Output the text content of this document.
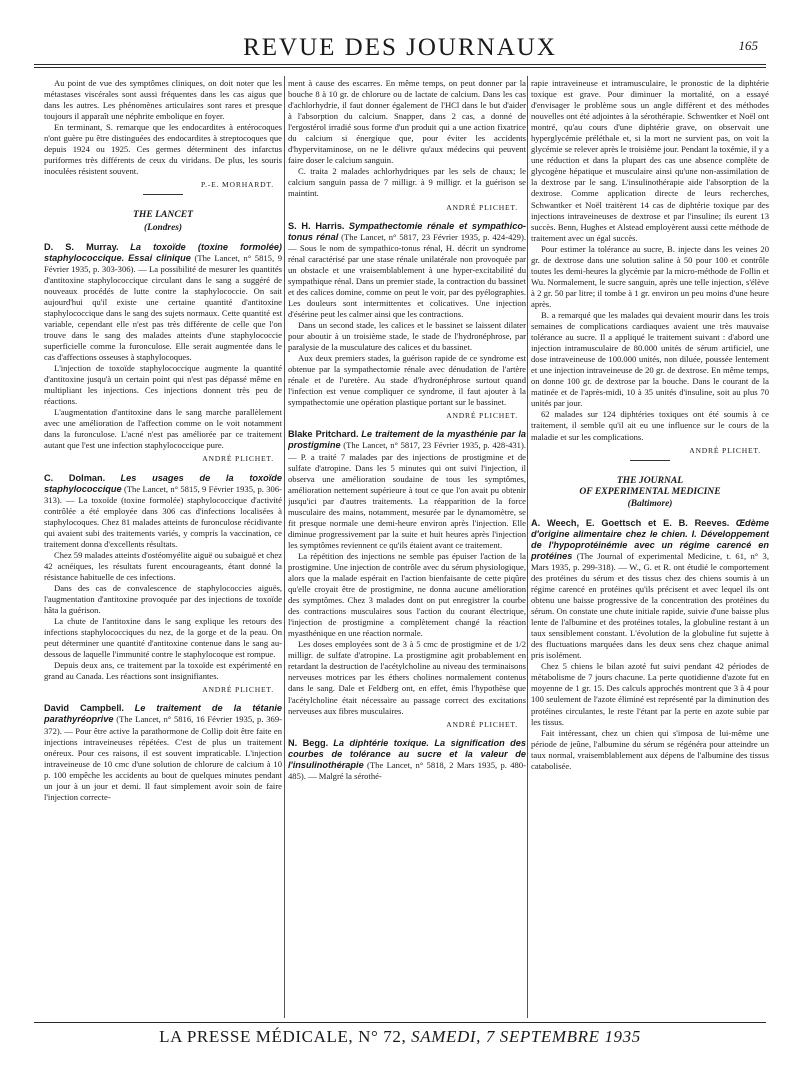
REVUE DES JOURNAUX	165

Au point de vue des symptômes cliniques, on doit noter que les métastases viscérales sont aussi fréquentes dans les cas aigus que dans les autres. Les phénomènes articulaires sont rares et presque toujours il apparaît une néphrite embolique en foyer.

En terminant, S. remarque que les endocardites à entérocoques n'ont guère pu être distinguées des endocardites à streptocoques que depuis 1924 ou 1925. Ces germes déterminent des infarctus puriformes très différents de ceux du viridans. De plus, les souris inoculées résistent souvent.

P.-E. MORHARDT.

THE LANCET

(Londres)

D. S. Murray. La toxoïde (toxine formolée) staphylococcique. Essai clinique (The Lancet, n° 5815, 9 Février 1935, p. 303-306). — La possibilité de mesurer les quantités d'antitoxine staphylococcique circulant dans le sang a suggéré de nouveaux procédés de lutte contre la staphylococcie. On sait aujourd'hui qu'il existe une certaine quantité d'antitoxine staphylococcique dans le sang des sujets normaux. Cette quantité est variable, cependant elle n'est pas très différente de celle que l'on trouve dans le sang des malades atteints d'une staphylococcie superficielle comme la furonculose. Elle serait augmentée dans le cas d'affections osseuses à staphylocoques.

L'injection de toxoïde staphylococcique augmente la quantité d'antitoxine jusqu'à un certain point qui n'est pas dépassé même en multipliant les injections. Ces injections donnent très peu de réactions.

L'augmentation d'antitoxine dans le sang marche parallèlement avec une amélioration de l'affection comme on le voit notamment dans la furonculose. L'acné n'est pas améliorée par ce traitement autant que l'est une infection staphylococcique pure.

ANDRÉ PLICHET.

C. Dolman. Les usages de la toxoïde staphylococcique (The Lancet, n° 5815, 9 Février 1935, p. 306-313). — La toxoïde (toxine formolée) staphylococcique d'activité contrôlée a été employée dans 306 cas d'infections localisées à staphylocoques. Chez 81 malades atteints de furonculose récidivante qui avaient subi des traitements variés, y compris la vaccination, ce traitement donna d'excellents résultats.

Chez 59 malades atteints d'ostéomyélite aiguë ou subaiguë et chez 42 acnéiques, les résultats furent encourageants, étant donné la résistance habituelle de ces infections.

Dans des cas de convalescence de staphylococcies aiguës, l'augmentation d'antitoxine provoquée par des injections de toxoïde hâta la guérison.

La chute de l'antitoxine dans le sang explique les retours des infections staphylococciques du nez, de la gorge et de la peau. On peut déterminer une quantité d'antitoxine contenue dans le sang au-dessous de laquelle l'immunité contre le staphylocoque est rompue.

Depuis deux ans, ce traitement par la toxoïde est expérimenté en grand au Canada. Les réactions sont insignifiantes.

ANDRÉ PLICHET.

David Campbell. Le traitement de la tétanie parathyréoprive (The Lancet, n° 5816, 16 Février 1935, p. 369-372). — Pour être active la parathormone de Collip doit être faite en injections intraveineuses répétées. C'est de plus un traitement onéreux. Pour ces raisons, il est souvent impraticable. L'injection intraveineuse de 10 cmc d'une solution de chlorure de calcium à 10 p. 100 empêche les accidents au bout de quelques minutes pendant un jour à un jour et demi. Il faut simplement avoir soin de faire l'injection correcte-

ment à cause des escarres. En même temps, on peut donner par la bouche 8 à 10 gr. de chlorure ou de lactate de calcium. Dans les cas d'achlorhydrie, il faut donner également de l'HCl dans le but d'aider à l'absorption du calcium. Snapper, dans 2 cas, a donné de l'ergostérol irradié sous forme d'un produit qui a une action fixatrice du calcium si énergique que, pour éviter les accidents d'hypervitaminose, on ne le délivre qu'aux médecins qui peuvent faire doser le calcium sanguin.

C. traita 2 malades achlorhydriques par les sels de chaux; le calcium sanguin passa de 7 milligr. à 9 milligr. et la guérison se maintint.

ANDRÉ PLICHET.

S. H. Harris. Sympathectomie rénale et sympathico-tonus rénal (The Lancet, n° 5817, 23 Février 1935, p. 424-429). — Sous le nom de sympathico-tonus rénal, H. décrit un syndrome rénal caractérisé par une stase rénale unilatérale non provoquée par un obstacle et une vraisemblablement à une hyper-excitabilité du sympathique rénal. Dans un premier stade, la contraction du bassinet et des calices domine, comme on peut le voir, par des pyélographies. Les douleurs sont intermittentes et colicatives. Une injection d'ésérine peut les calmer ainsi que les contractions.

Dans un second stade, les calices et le bassinet se laissent dilater pour aboutir à un troisième stade, le stade de l'hydronéphrose, par paralysie de la musculature des calices et du bassinet.

Aux deux premiers stades, la guérison rapide de ce syndrome est obtenue par la sympathectomie rénale avec dénudation de l'artère rénale et de l'uretère. Au stade d'hydronéphrose surtout quand l'infection est venue compliquer ce syndrome, il faut ajouter à la sympathectomie une opération plastique portant sur le bassinet.

ANDRÉ PLICHET.

Blake Pritchard. Le traitement de la myasthénie par la prostigmine (The Lancet, n° 5817, 23 Février 1935, p. 428-431). — P. a traité 7 malades par des injections de prostigmine et de sulfate d'atropine. Dans les 5 minutes qui ont suivi l'injection, il observa une amélioration soudaine de tous les symptômes, amélioration nettement supérieure à tout ce que l'on avait pu obtenir jusqu'ici par d'autres traitements. La réapparition de la force musculaire des mains, notamment, mesurée par le dynamomètre, se fit presque normale une demi-heure environ après l'injection. Elle diminue progressivement par la suite et huit heures après l'injection les symptômes reviennent ce qu'ils étaient avant ce traitement.

La répétition des injections ne semble pas épuiser l'action de la prostigmine. Une injection de contrôle avec du sérum physiologique, alors que la malade espérait en l'action bienfaisante de cette piqûre qu'elle croyait être de prostigmine, ne donna aucune amélioration des symptômes. Chez 3 malades dont on put enregistrer la courbe des contractions musculaires sous l'action du courant électrique, l'injection de prostigmine a complètement changé la réaction myasthénique en une réaction normale.

Les doses employées sont de 3 à 5 cmc de prostigmine et de 1/2 milligr. de sulfate d'atropine. La prostigmine agit probablement en retardant la destruction de l'acétylcholine au niveau des terminaisons nerveuses motrices par les éthers cholines normalement contenus dans le sang. Dale et Feldberg ont, en effet, émis l'hypothèse que l'acétylcholine était nécessaire au passage correct des excitations nerveuses aux fibres musculaires.

ANDRÉ PLICHET.

N. Begg. La diphtérie toxique. La signification des courbes de tolérance au sucre et la valeur de l'insulinothérapie (The Lancet, n° 5818, 2 Mars 1935, p. 480-485). — Malgré la sérothé-

rapie intraveineuse et intramusculaire, le pronostic de la diphtérie toxique est grave. Pour diminuer la mortalité, on a essayé d'envisager le problème sous un angle différent et des méthodes nouvelles ont été adjointes à la sérothérapie. Schwentker et Noël ont montré, qu'au cours d'une diphtérie grave, on observait une hyperglycémie préléthale et, si la mort ne survient pas, on voit la glycémie se relever après le troisième jour. Pendant la toxémie, il y a une réduction et dans la plupart des cas une absence complète de glycogène hépatique et musculaire ainsi qu'une non-assimilation de la dextrose par le sang. L'insulinothérapie aide l'absorption de la dextrose. Comme application directe de leurs recherches, Schwantker et Noël traitèrent 14 cas de diphtérie toxique par des injections intraveineuses de dextrose et par l'insuline; ils eurent 13 succès. Benn, Hughes et Alstead employèrent aussi cette méthode de traitement avec un égal succès.

Pour estimer la tolérance au sucre, B. injecte dans les veines 20 gr. de dextrose dans une solution saline à 50 pour 100 et contrôle toutes les demi-heures la glycémie par la micro-méthode de Follin et Wu. Normalement, le sucre sanguin, après une telle injection, s'élève à 2 gr. 50 par litre; il tombe à 1 gr. environ un peu moins d'une heure après.

B. a remarqué que les malades qui devaient mourir dans les trois semaines de complications cardiaques avaient une très mauvaise tolérance au sucre. Il a appliqué le traitement suivant : d'abord une injection intramusculaire de 80.000 unités de sérum artificiel, une dose intraveineuse de 100.000 unités, non diluée, poussée lentement et une injection intraveineuse de 20 gr. de dextrose. En même temps, on donne 100 gr. de dextrose par la bouche. Dans le courant de la matinée et de l'après-midi, 10 à 35 unités d'insuline, soit au plus 70 unités par jour.

62 malades sur 124 diphtéries toxiques ont été soumis à ce traitement, il semble qu'il ait eu une influence sur le cours de la maladie et sur les complications.

ANDRÉ PLICHET.

THE JOURNAL

OF EXPERIMENTAL MEDICINE

(Baltimore)

A. Weech, E. Goettsch et E. B. Reeves. Œdème d'origine alimentaire chez le chien. I. Développement de l'hypoprotéinémie avec un régime carencé en protéines (The Journal of experimental Medicine, t. 61, n° 3, Mars 1935, p. 299-318). — W., G. et R. ont étudié le comportement des protéines du sérum et des tissus chez des chiens soumis à un régime carencé en protéines qu'ils précisent et avec lequel ils ont obtenu une baisse progressive de la concentration des protéines du sérum. On constate une chute initiale rapide, suivie d'une baisse plus lente de l'albumine et des protéines totales, la globuline restant à un taux sensiblement constant. L'évolution de la globuline fut sujette à des fluctuations marquées dans les deux sens chez chaque animal pris isolément.

Chez 5 chiens le bilan azoté fut suivi pendant 42 périodes de métabolisme de 7 jours chacune. La perte quotidienne d'azote fut en moyenne de 1 gr. 15. Des calculs approchés montrent que 3 à 4 pour 100 seulement de l'azote éliminé est représenté par la diminution des protéines circulantes, le reste l'étant par la perte en azote subie par les tissus.

Fait intéressant, chez un chien qui s'imposa de lui-même une période de jeûne, l'albumine du sérum se régénéra pour atteindre un taux normal, vraisemblablement aux dépens de l'albumine des tissus catabolisée.

LA PRESSE MÉDICALE, N° 72, SAMEDI, 7 SEPTEMBRE 1935
